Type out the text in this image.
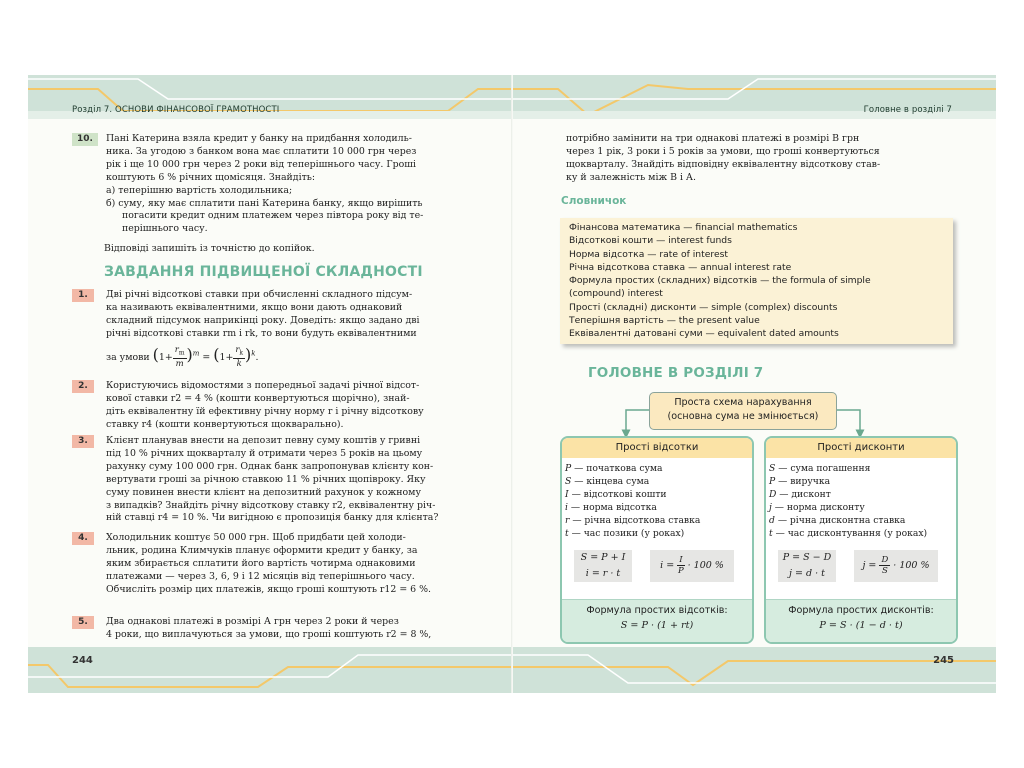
Розділ 7. ОСНОВИ ФІНАНСОВОЇ ГРАМОТНОСТІ	Головне в розділі 7
244	245
10.	Пані Катерина взяла кредит у банку на придбання холодиль-

ника. За угодою з банком вона має сплатити 10 000 грн через

рік і ще 10 000 грн через 2 роки від теперішнього часу. Гроші

коштують 6 % річних щомісяця. Знайдіть:

а) теперішню вартість холодильника;

б) суму, яку має сплатити пані Катерина банку, якщо вирішить

погасити кредит одним платежем через півтора року від те-

перішнього часу.

Відповіді запишіть із точністю до копійок.
ЗАВДАННЯ ПІДВИЩЕНОЇ СКЛАДНОСТІ
1.	Дві річні відсоткові ставки при обчисленні складного підсум-

ка називають еквівалентними, якщо вони дають однаковий

складний підсумок наприкінці року. Доведіть: якщо задано дві

річні відсоткові ставки rm і rk, то вони будуть еквівалентними

за умови $(1+ \frac{r_m}{m} )^m = (1+ \frac{r_k}{k} )^k$.

2.	Користуючись відомостями з попередньої задачі річної відсот-

кової ставки r2 = 4 % (кошти конвертуються щорічно), знай-

діть еквівалентну їй ефективну річну норму r і річну відсоткову

ставку r4 (кошти конвертуються щокварально).

3.	Клієнт планував внести на депозит певну суму коштів у гривні

під 10 % річних щокварталу й отримати через 5 років на цьому

рахунку суму 100 000 грн. Однак банк запропонував клієнту кон-

вертувати гроші за річною ставкою 11 % річних щопівроку. Яку

суму повинен внести клієнт на депозитний рахунок у кожному

з випадків? Знайдіть річну відсоткову ставку r2, еквівалентну річ-

ній ставці r4 = 10 %. Чи вигідною є пропозиція банку для клієнта?

4.	Холодильник коштує 50 000 грн. Щоб придбати цей холоди-

льник, родина Климчуків планує оформити кредит у банку, за

яким збирається сплатити його вартість чотирма однаковими

платежами — через 3, 6, 9 і 12 місяців від теперішнього часу.

Обчисліть розмір цих платежів, якщо гроші коштують r12 = 6 %.

5.	Два однакові платежі в розмірі А грн через 2 роки й через

4 роки, що виплачуються за умови, що гроші коштують r2 = 8 %,

потрібно замінити на три однакові платежі в розмірі В грн

через 1 рік, 3 роки і 5 років за умови, що гроші конвертуються

щокварталу. Знайдіть відповідну еквівалентну відсоткову став-

ку й залежність між В і А.

Словничок
Фінансова математика — financial mathematics
Відсоткові кошти — interest funds
Норма відсотка — rate of interest
Річна відсоткова ставка — annual interest rate
Формула простих (складних) відсотків — the formula of simple
(compound) interest
Прості (складні) дисконти — simple (complex) discounts
Теперішня вартість — the present value
Еквівалентні датовані суми — equivalent dated amounts
ГОЛОВНЕ В РОЗДІЛІ 7
Проста схема нарахування
(основна сума не змінюється)
Прості відсотки
P — початкова сума
S — кінцева сума
I — відсоткові кошти
i — норма відсотка
r — річна відсоткова ставка
t — час позики (у роках)
S = P + I
i = r · t
$i = \frac{I}{P} \cdot 100$ %
Формула простих відсотків:
S = P · (1 + rt)
Прості дисконти
S — сума погашення
P — виручка
D — дисконт
j — норма дисконту
d — річна дисконтна ставка
t — час дисконтування (у роках)
P = S − D
j = d · t
$j = \frac{D}{S} \cdot 100$ %
Формула простих дисконтів:
P = S · (1 − d · t)
